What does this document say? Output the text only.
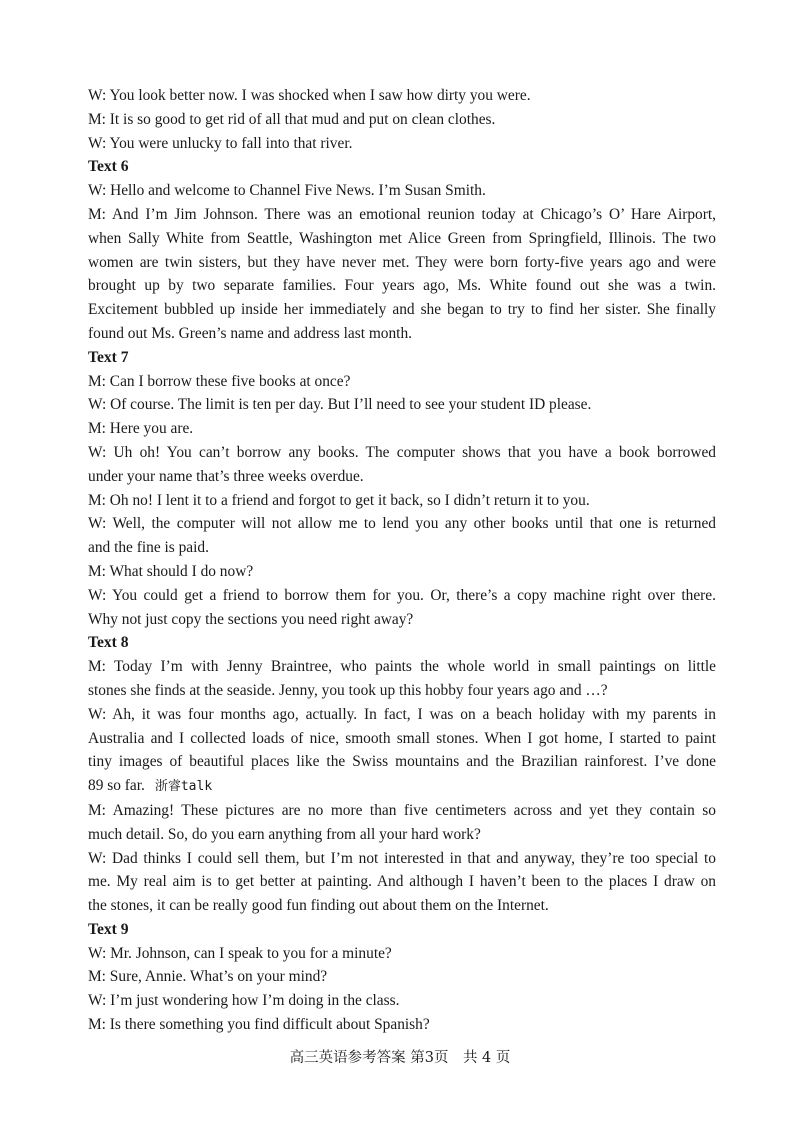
W: You look better now. I was shocked when I saw how dirty you were.
M: It is so good to get rid of all that mud and put on clean clothes.
W: You were unlucky to fall into that river.
Text 6
W: Hello and welcome to Channel Five News. I’m Susan Smith.
M: And I’m Jim Johnson. There was an emotional reunion today at Chicago’s O’ Hare Airport,
when Sally White from Seattle, Washington met Alice Green from Springfield, Illinois. The two
women are twin sisters, but they have never met. They were born forty-five years ago and were
brought up by two separate families. Four years ago, Ms. White found out she was a twin.
Excitement bubbled up inside her immediately and she began to try to find her sister. She finally
found out Ms. Green’s name and address last month.
Text 7
M: Can I borrow these five books at once?
W: Of course. The limit is ten per day. But I’ll need to see your student ID please.
M: Here you are.
W: Uh oh! You can’t borrow any books. The computer shows that you have a book borrowed
under your name that’s three weeks overdue.
M: Oh no! I lent it to a friend and forgot to get it back, so I didn’t return it to you.
W: Well, the computer will not allow me to lend you any other books until that one is returned
and the fine is paid.
M: What should I do now?
W: You could get a friend to borrow them for you. Or, there’s a copy machine right over there.
Why not just copy the sections you need right away?
Text 8
M: Today I’m with Jenny Braintree, who paints the whole world in small paintings on little
stones she finds at the seaside. Jenny, you took up this hobby four years ago and …?
W: Ah, it was four months ago, actually. In fact, I was on a beach holiday with my parents in
Australia and I collected loads of nice, smooth small stones. When I got home, I started to paint
tiny images of beautiful places like the Swiss mountains and the Brazilian rainforest. I’ve done
89 so far. 浙睿talk
M: Amazing! These pictures are no more than five centimeters across and yet they contain so
much detail. So, do you earn anything from all your hard work?
W: Dad thinks I could sell them, but I’m not interested in that and anyway, they’re too special to
me. My real aim is to get better at painting. And although I haven’t been to the places I draw on
the stones, it can be really good fun finding out about them on the Internet.
Text 9
W: Mr. Johnson, can I speak to you for a minute?
M: Sure, Annie. What’s on your mind?
W: I’m just wondering how I’m doing in the class.
M: Is there something you find difficult about Spanish?
高三英语参考答案 第3页　共 4 页
